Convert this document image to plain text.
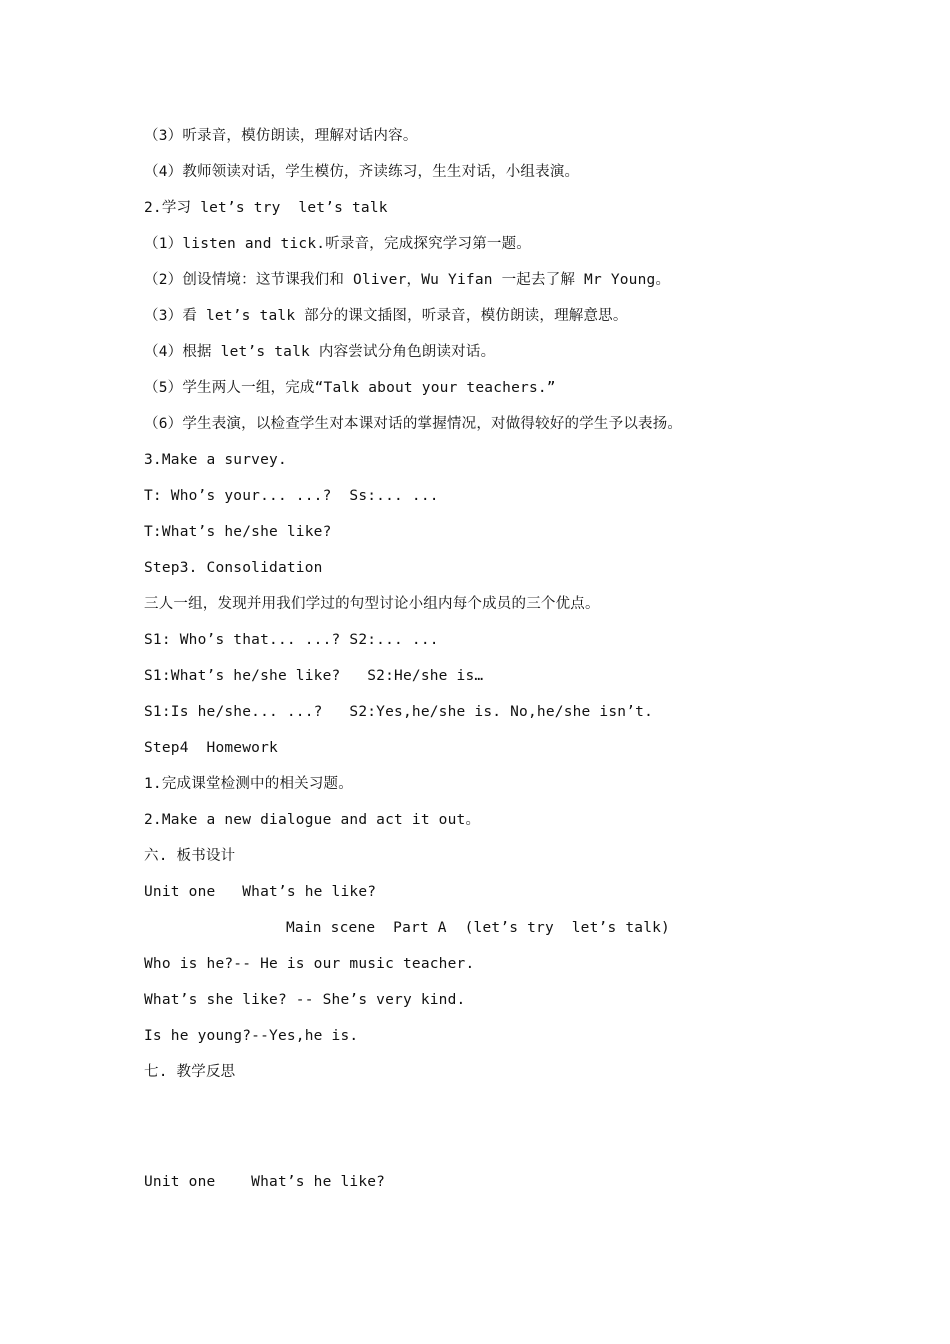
（3）听录音，模仿朗读，理解对话内容。
（4）教师领读对话，学生模仿，齐读练习，生生对话，小组表演。
2.学习 let’s try  let’s talk
（1）listen and tick.听录音，完成探究学习第一题。
（2）创设情境：这节课我们和 Oliver，Wu Yifan 一起去了解 Mr Young。
（3）看 let’s talk 部分的课文插图，听录音，模仿朗读，理解意思。
（4）根据 let’s talk 内容尝试分角色朗读对话。
（5）学生两人一组，完成“Talk about your teachers.”
（6）学生表演，以检查学生对本课对话的掌握情况，对做得较好的学生予以表扬。
3.Make a survey.
T: Who’s your... ...?  Ss:... ...
T:What’s he/she like?
Step3. Consolidation
三人一组，发现并用我们学过的句型讨论小组内每个成员的三个优点。
S1: Who’s that... ...? S2:... ...
S1:What’s he/she like?   S2:He/she is…
S1:Is he/she... ...?   S2:Yes,he/she is. No,he/she isn’t.
Step4  Homework
1.完成课堂检测中的相关习题。
2.Make a new dialogue and act it out。
六. 板书设计
Unit one   What’s he like?
Main scene  Part A  (let’s try  let’s talk)
Who is he?-- He is our music teacher.
What’s she like? -- She’s very kind.
Is he young?--Yes,he is.
七. 教学反思
Unit one    What’s he like?
